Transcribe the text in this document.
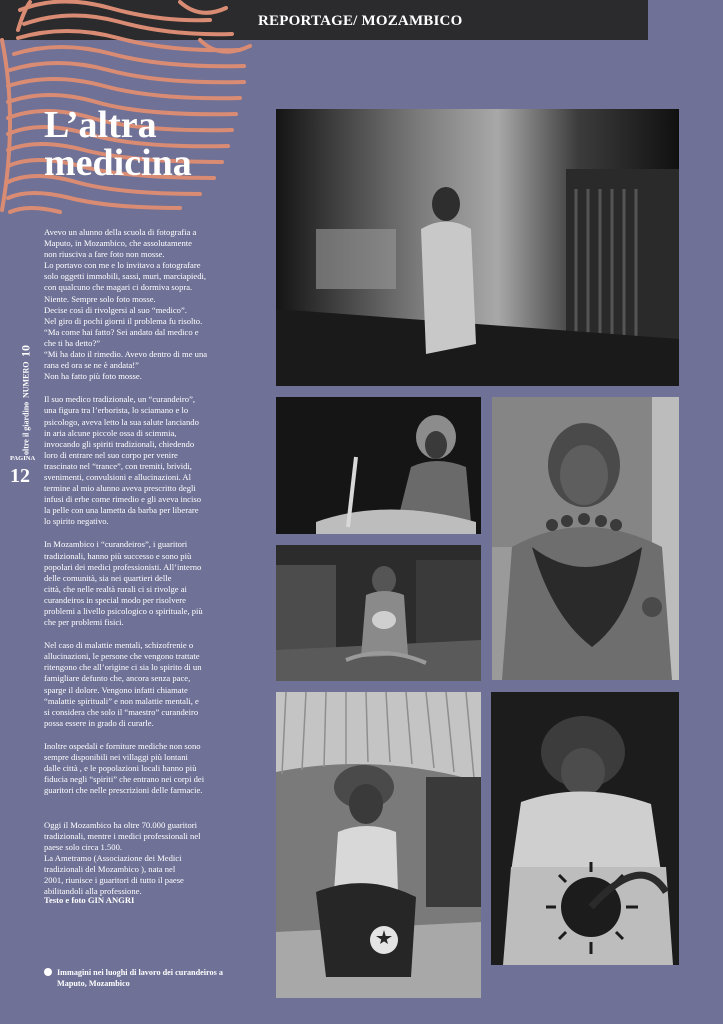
REPORTAGE/ MOZAMBICO
L’altra
medicina
oltre il giardino
NUMERO
10
PAGINA
12

Avevo un alunno della scuola di fotografia a
Maputo, in Mozambico, che assolutamente
non riusciva a fare foto non mosse.
Lo portavo con me e lo invitavo a fotografare
solo oggetti immobili, sassi, muri, marciapiedi,
con qualcuno che magari ci dormiva sopra.
Niente. Sempre solo foto mosse.
Decise così di rivolgersi al suo “medico”.
Nel giro di pochi giorni il problema fu risolto.
“Ma come hai fatto? Sei andato dal medico e
che ti ha detto?”
“Mi ha dato il rimedio. Avevo dentro di me una
rana ed ora se ne è andata!”
Non ha fatto più foto mosse.

Il suo medico tradizionale, un “curandeiro”,
una figura tra l’erborista, lo sciamano e lo
psicologo, aveva letto la sua salute lanciando
in aria alcune piccole ossa di scimmia,
invocando gli spiriti tradizionali, chiedendo
loro di entrare nel suo corpo per venire
trascinato nel “trance”, con tremiti, brividi,
svenimenti, convulsioni e allucinazioni. Al
termine al mio alunno aveva prescritto degli
infusi di erbe come rimedio e gli aveva inciso
la pelle con una lametta da barba per liberare
lo spirito negativo.

In Mozambico i “curandeiros”, i guaritori
tradizionali, hanno più successo e sono più
popolari dei medici professionisti. All’interno
delle comunità, sia nei quartieri delle
città, che nelle realtà rurali ci si rivolge ai
curandeiros in special modo per risolvere
problemi a livello psicologico o spirituale, più
che per problemi fisici.

Nel caso di malattie mentali, schizofrenie o
allucinazioni, le persone che vengono trattate
ritengono che all’origine ci sia lo spirito di un
famigliare defunto che, ancora senza pace,
sparge il dolore. Vengono infatti chiamate
“malattie spirituali” e non malattie mentali, e
si considera che solo il “maestro” curandeiro
possa essere in grado di curarle.

Inoltre ospedali e forniture mediche non sono
sempre disponibili nei villaggi più lontani
dalle città , e le popolazioni locali hanno più
fiducia negli “spiriti” che entrano nei corpi dei
guaritori che nelle prescrizioni delle farmacie.

Oggi il Mozambico ha oltre 70.000 guaritori
tradizionali, mentre i medici professionali nel
paese solo circa 1.500.
La Ametramo (Associazione dei Medici
tradizionali del Mozambico ), nata nel
2001, riunisce i guaritori di tutto il paese
abilitandoli alla professione.

Testo e foto GIN ANGRI
Immagini nei luoghi di lavoro dei curandeiros a Maputo, Mozambico
